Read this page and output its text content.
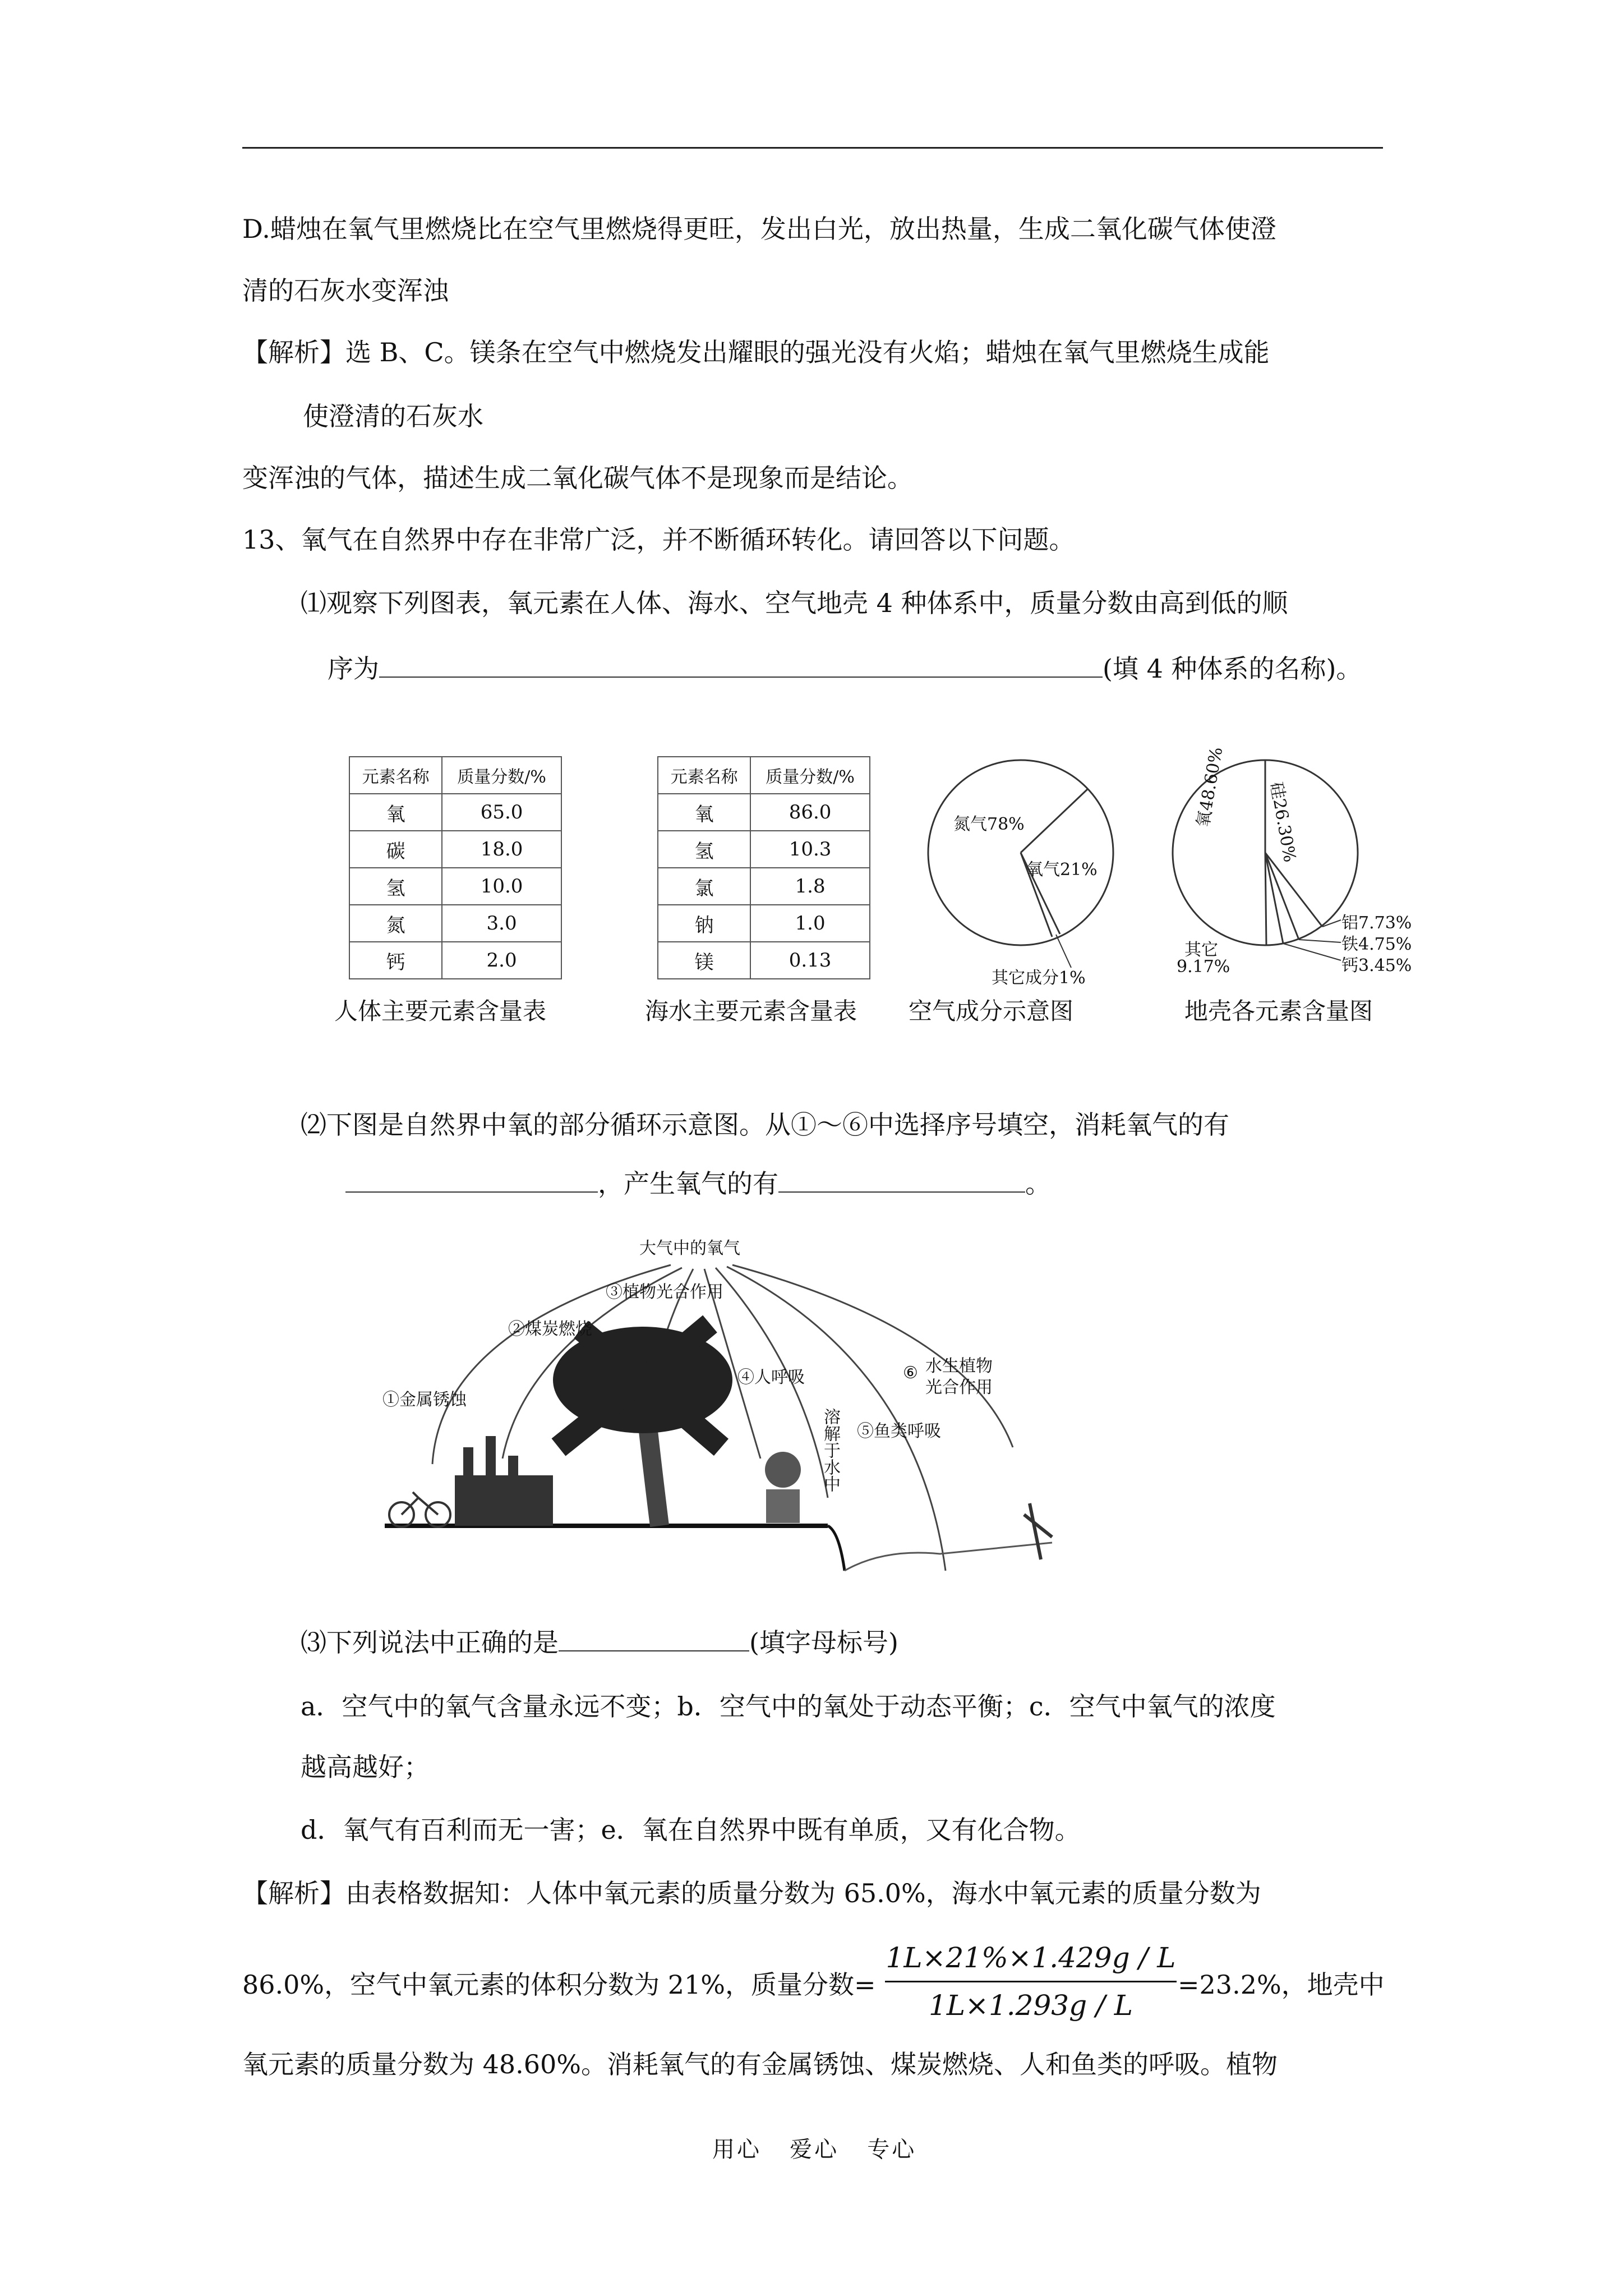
D.蜡烛在氧气里燃烧比在空气里燃烧得更旺，发出白光，放出热量，生成二氧化碳气体使澄
清的石灰水变浑浊
【解析】选 B、C。镁条在空气中燃烧发出耀眼的强光没有火焰；蜡烛在氧气里燃烧生成能
使澄清的石灰水
变浑浊的气体，描述生成二氧化碳气体不是现象而是结论。
13、氧气在自然界中存在非常广泛，并不断循环转化。请回答以下问题。
⑴观察下列图表，氧元素在人体、海水、空气地壳 4 种体系中，质量分数由高到低的顺
序为	(填 4 种体系的名称)。
元素名称	质量分数/%
氧	65.0
碳	18.0
氢	10.0
氮	3.0
钙	2.0
人体主要元素含量表
元素名称	质量分数/%
氧	86.0
氢	10.3
氯	1.8
钠	1.0
镁	0.13
海水主要元素含量表
氮气78%
氧气21%
其它成分1%
空气成分示意图
氧48.60% 硅26.30%
铝7.73%
铁4.75%
钙3.45%
其它
9.17%
地壳各元素含量图
⑵下图是自然界中氧的部分循环示意图。从①～⑥中选择序号填空，消耗氧气的有
，产生氧气的有	。
大气中的氧气
①金属锈蚀
②煤炭燃烧
③植物光合作用
④人呼吸
⑤鱼类呼吸
⑥ 水生植物
光合作用
溶解于水中
⑶下列说法中正确的是	(填字母标号)
a．空气中的氧气含量永远不变；b．空气中的氧处于动态平衡；c．空气中氧气的浓度
越高越好；
d．氧气有百利而无一害；e．氧在自然界中既有单质，又有化合物。
【解析】由表格数据知：人体中氧元素的质量分数为 65.0%，海水中氧元素的质量分数为
86.0%，空气中氧元素的体积分数为 21%，质量分数=
1L×21%×1.429g / L
1L×1.293g / L
=23.2%，地壳中
氧元素的质量分数为 48.60%。消耗氧气的有金属锈蚀、煤炭燃烧、人和鱼类的呼吸。植物
用心   爱心   专心
